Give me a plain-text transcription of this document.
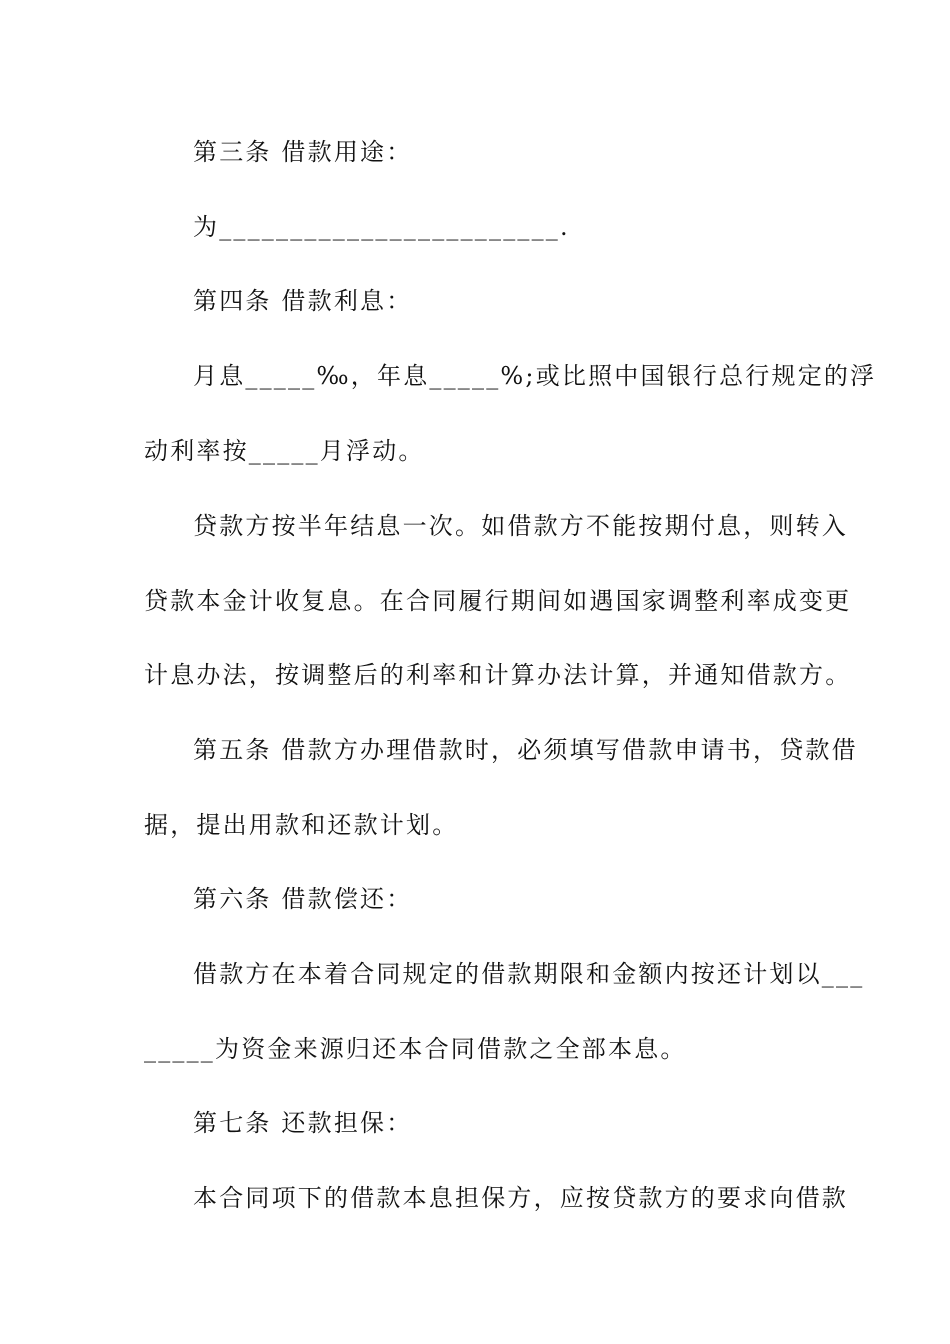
第三条 借款用途：
为________________________.
第四条 借款利息：
月息_____‰，年息_____%;或比照中国银行总行规定的浮
动利率按_____月浮动。
贷款方按半年结息一次。如借款方不能按期付息，则转入
贷款本金计收复息。在合同履行期间如遇国家调整利率成变更
计息办法，按调整后的利率和计算办法计算，并通知借款方。
第五条 借款方办理借款时，必须填写借款申请书，贷款借
据，提出用款和还款计划。
第六条 借款偿还：
借款方在本着合同规定的借款期限和金额内按还计划以___
_____为资金来源归还本合同借款之全部本息。
第七条 还款担保：
本合同项下的借款本息担保方，应按贷款方的要求向借款
